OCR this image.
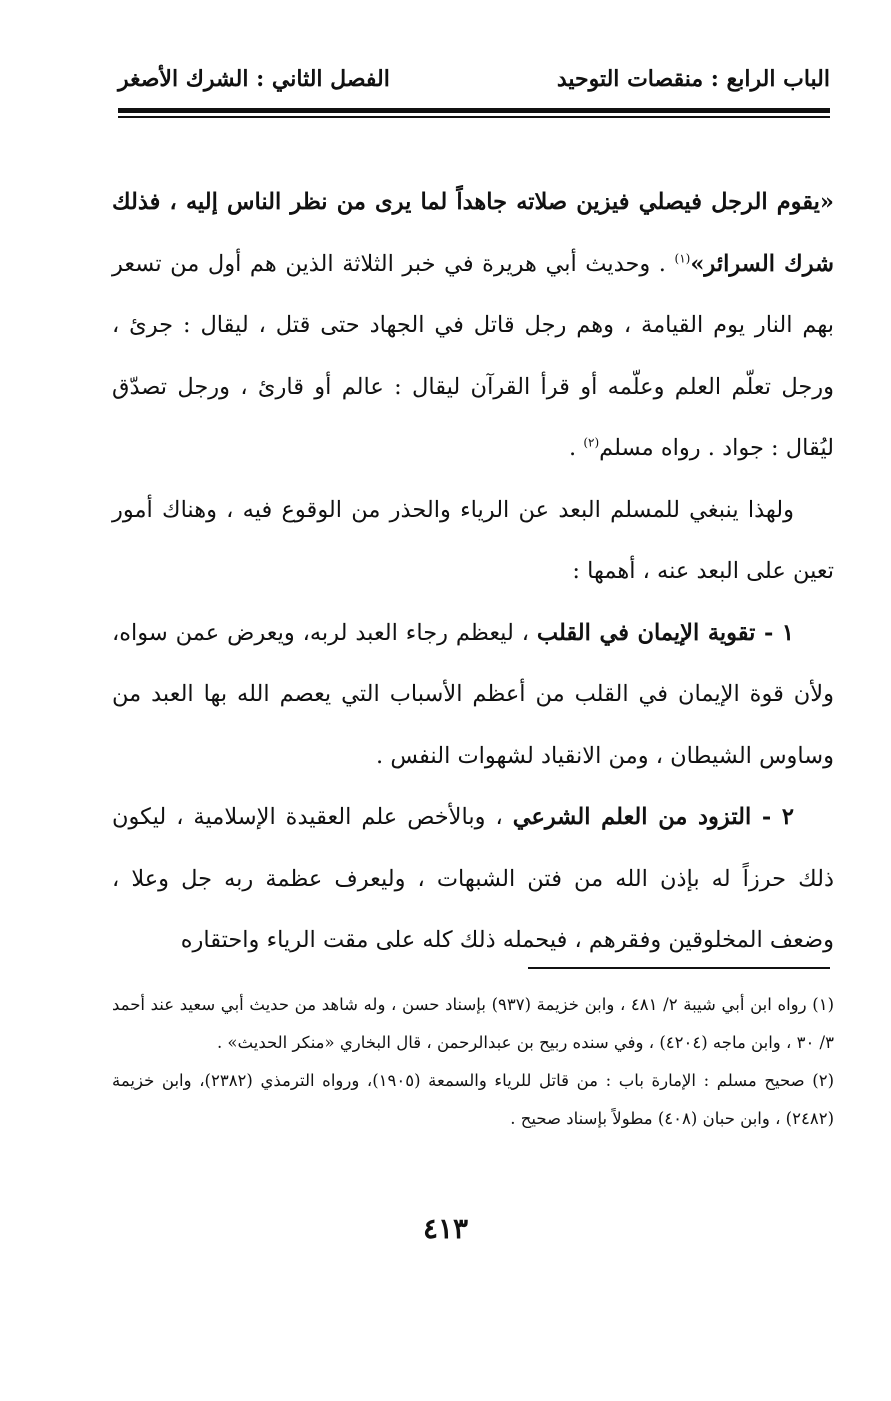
الباب الرابع : منقصات التوحيد
الفصل الثاني : الشرك الأصغر

«يقوم الرجل فيصلي فيزين صلاته جاهداً لما يرى من نظر الناس إليه ، فذلك شرك السرائر»$^{(١)}$ . وحديث أبي هريرة في خبر الثلاثة الذين هم أول من تسعر بهم النار يوم القيامة ، وهم رجل قاتل في الجهاد حتى قتل ، ليقال : جرئ ، ورجل تعلّم العلم وعلّمه أو قرأ القرآن ليقال : عالم أو قارئ ، ورجل تصدّق ليُقال : جواد . رواه مسلم$^{(٢)}$ .

ولهذا ينبغي للمسلم البعد عن الرياء والحذر من الوقوع فيه ، وهناك أمور تعين على البعد عنه ، أهمها :

١ - تقوية الإيمان في القلب ، ليعظم رجاء العبد لربه، ويعرض عمن سواه، ولأن قوة الإيمان في القلب من أعظم الأسباب التي يعصم الله بها العبد من وساوس الشيطان ، ومن الانقياد لشهوات النفس .

٢ - التزود من العلم الشرعي ، وبالأخص علم العقيدة الإسلامية ، ليكون ذلك حرزاً له بإذن الله من فتن الشبهات ، وليعرف عظمة ربه جل وعلا ، وضعف المخلوقين وفقرهم ، فيحمله ذلك كله على مقت الرياء واحتقاره

(١) رواه ابن أبي شيبة ٢/ ٤٨١ ، وابن خزيمة (٩٣٧) بإسناد حسن ، وله شاهد من حديث أبي سعيد عند أحمد ٣/ ٣٠ ، وابن ماجه (٤٢٠٤) ، وفي سنده ربيح بن عبدالرحمن ، قال البخاري «منكر الحديث» .

(٢) صحيح مسلم : الإمارة باب : من قاتل للرياء والسمعة (١٩٠٥)، ورواه الترمذي (٢٣٨٢)، وابن خزيمة (٢٤٨٢) ، وابن حبان (٤٠٨) مطولاً بإسناد صحيح .

٤١٣
